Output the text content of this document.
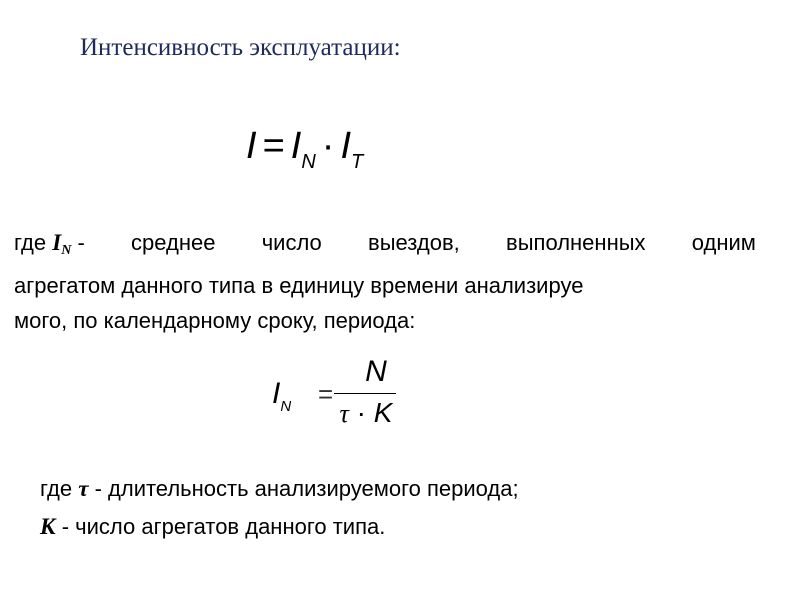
Интенсивность эксплуатации:
$I = I_N \cdot I_T$
где IN - среднее число выездов, выполненных одним
агрегатом данного типа в единицу времени анализируе
мого, по календарному сроку, периода:
$I_N$ =
N
τ · K
где τ - длительность анализируемого периода;
К - число агрегатов данного типа.
